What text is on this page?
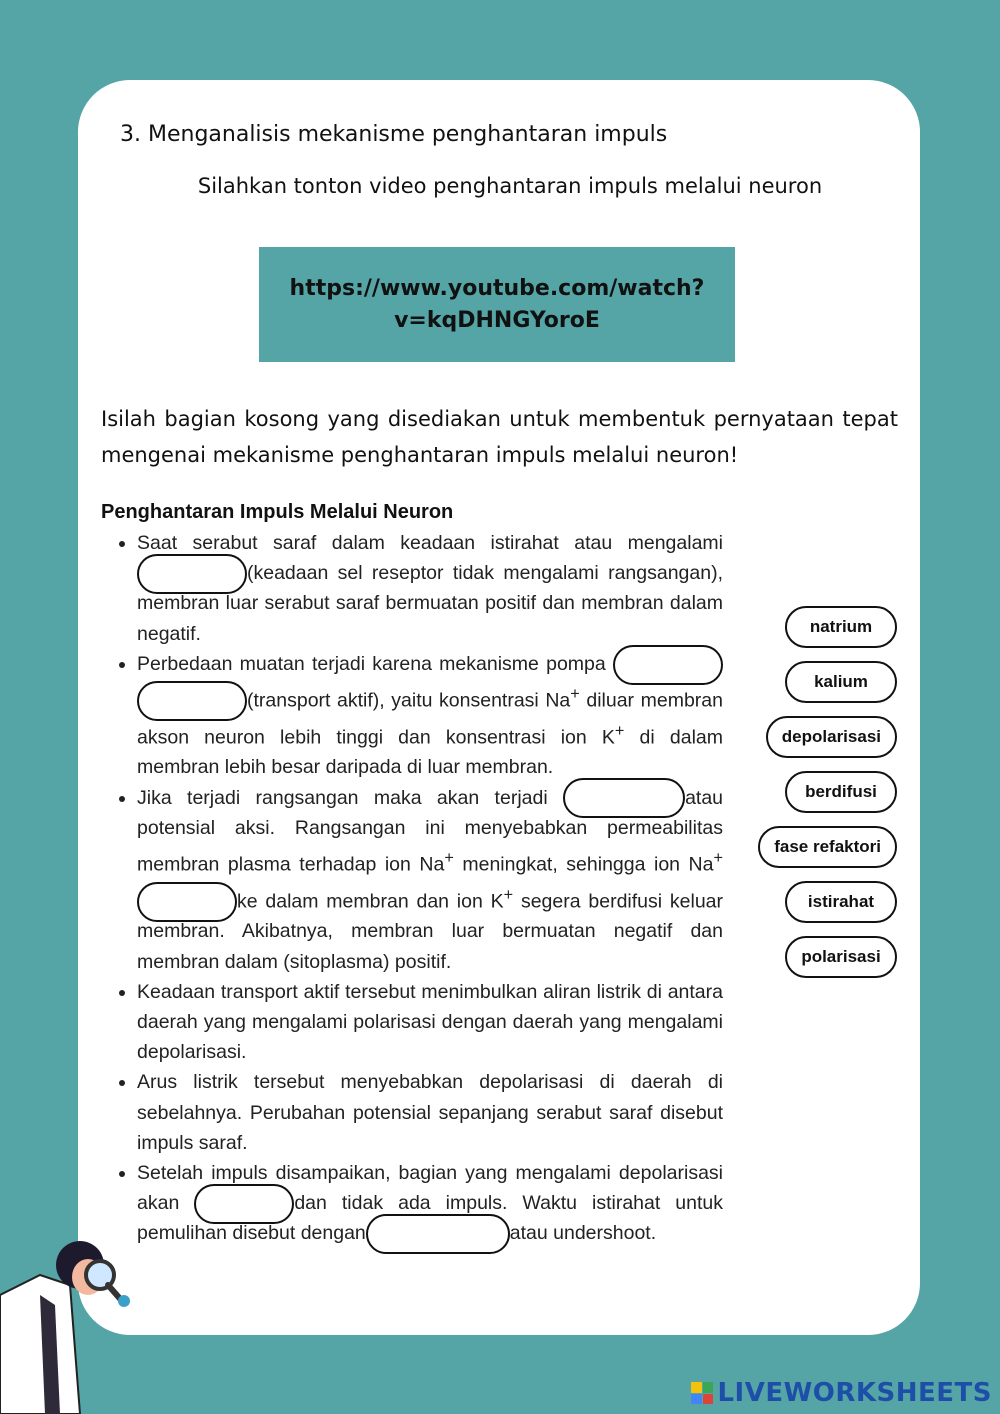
3. Menganalisis mekanisme penghantaran impuls
Silahkan tonton video penghantaran impuls melalui neuron
https://www.youtube.com/watch?v=kqDHNGYoroE
Isilah bagian kosong yang disediakan untuk membentuk pernyataan tepat mengenai mekanisme penghantaran impuls melalui neuron!
Penghantaran Impuls Melalui Neuron
• Saat serabut saraf dalam keadaan istirahat atau mengalami (keadaan sel reseptor tidak mengalami rangsangan), membran luar serabut saraf bermuatan positif dan membran dalam negatif.
• Perbedaan muatan terjadi karena mekanisme pompa  (transport aktif), yaitu konsentrasi Na+ diluar membran akson neuron lebih tinggi dan konsentrasi ion K+ di dalam membran lebih besar daripada di luar membran.
• Jika terjadi rangsangan maka akan terjadi	atau potensial aksi. Rangsangan ini menyebabkan permeabilitas membran plasma terhadap ion Na+ meningkat, sehingga ion Na+ke dalam membran dan ion K+ segera berdifusi keluar membran. Akibatnya, membran luar bermuatan negatif dan membran dalam (sitoplasma) positif.
• Keadaan transport aktif tersebut menimbulkan aliran listrik di antara daerah yang mengalami polarisasi dengan daerah yang mengalami depolarisasi.
• Arus listrik tersebut menyebabkan depolarisasi di daerah di sebelahnya. Perubahan potensial sepanjang serabut saraf disebut impuls saraf.
• Setelah impuls disampaikan, bagian yang mengalami depolarisasi akan	dan tidak ada impuls. Waktu istirahat untuk pemulihan disebut dengan	atau undershoot.
natrium
kalium
depolarisasi
berdifusi
fase refaktori
istirahat
polarisasi
LIVEWORKSHEETS
